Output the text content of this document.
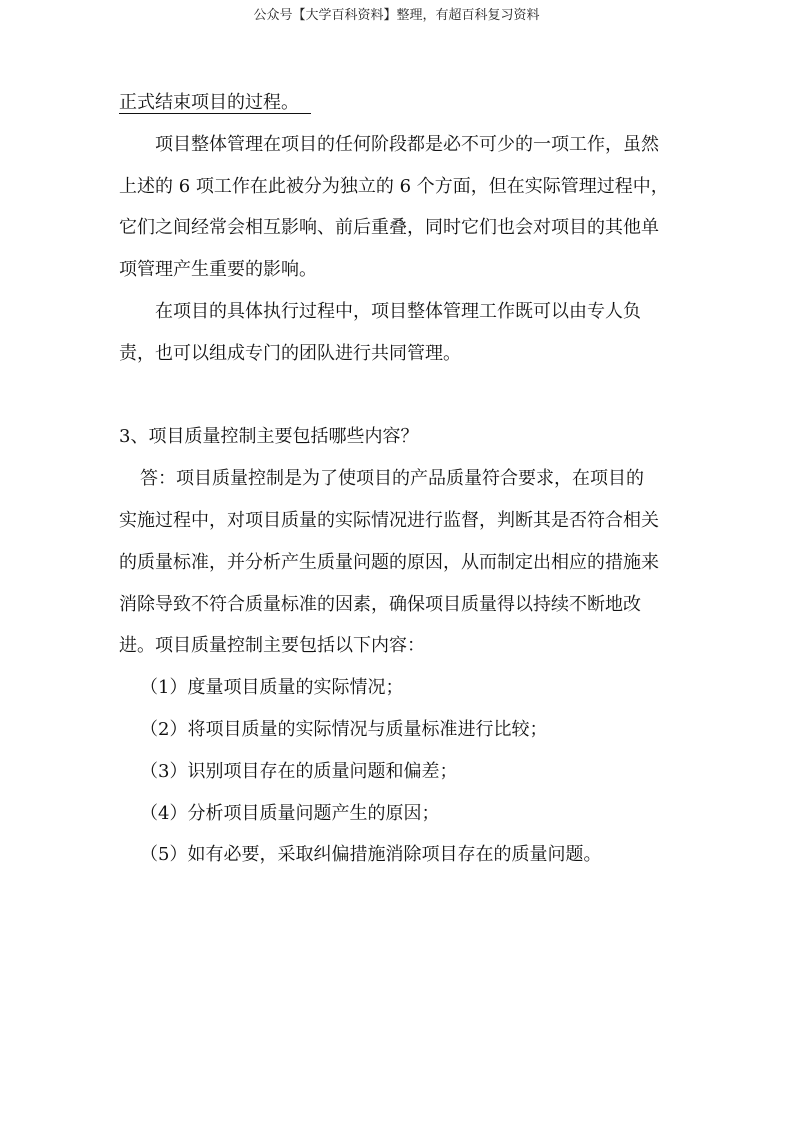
公众号【大学百科资料】整理，有超百科复习资料
正式结束项目的过程。
项目整体管理在项目的任何阶段都是必不可少的一项工作，虽然
上述的 6 项工作在此被分为独立的 6 个方面，但在实际管理过程中，
它们之间经常会相互影响、前后重叠，同时它们也会对项目的其他单
项管理产生重要的影响。
在项目的具体执行过程中，项目整体管理工作既可以由专人负
责，也可以组成专门的团队进行共同管理。
3、项目质量控制主要包括哪些内容？
答：项目质量控制是为了使项目的产品质量符合要求，在项目的
实施过程中，对项目质量的实际情况进行监督，判断其是否符合相关
的质量标准，并分析产生质量问题的原因，从而制定出相应的措施来
消除导致不符合质量标准的因素，确保项目质量得以持续不断地改
进。项目质量控制主要包括以下内容：
（1）度量项目质量的实际情况；
（2）将项目质量的实际情况与质量标准进行比较；
（3）识别项目存在的质量问题和偏差；
（4）分析项目质量问题产生的原因；
（5）如有必要，采取纠偏措施消除项目存在的质量问题。
